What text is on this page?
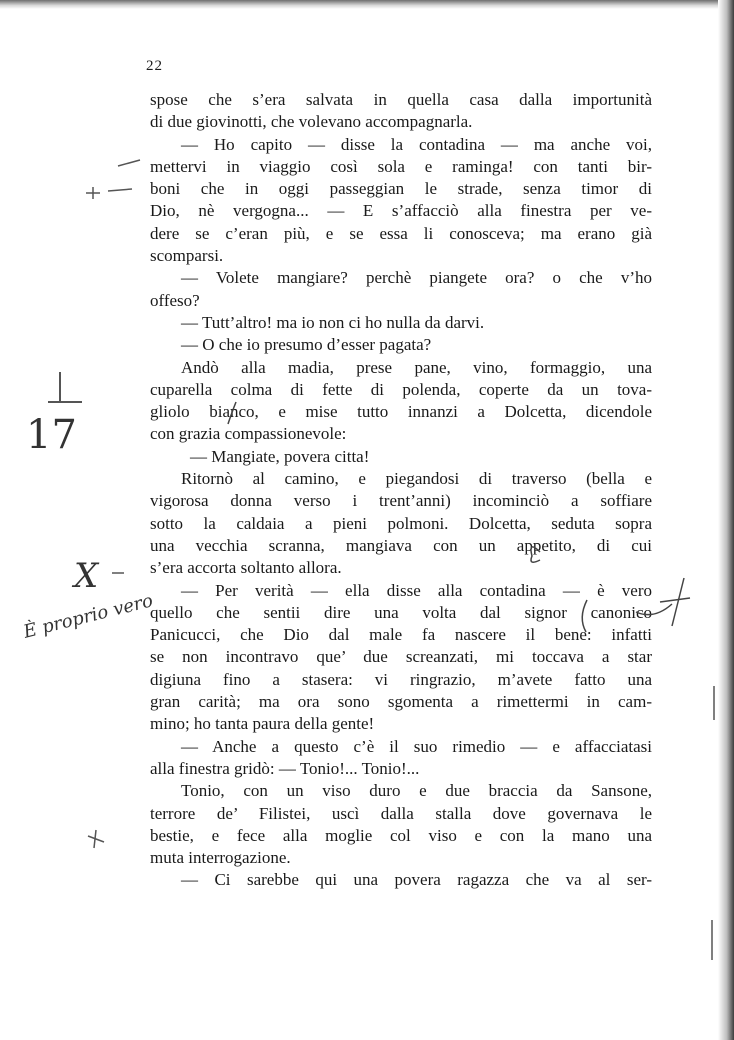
22
spose che s’era salvata in quella casa dalla importunità
di due giovinotti, che volevano accompagnarla.
— Ho capito — disse la contadina — ma anche voi,
mettervi in viaggio così sola e raminga! con tanti bir-
boni che in oggi passeggian le strade, senza timor di
Dio, nè vergogna... — E s’affacciò alla finestra per ve-
dere se c’eran più, e se essa li conosceva; ma erano già
scomparsi.
— Volete mangiare? perchè piangete ora? o che v’ho
offeso?
— Tutt’altro! ma io non ci ho nulla da darvi.
— O che io presumo d’esser pagata?
Andò alla madia, prese pane, vino, formaggio, una
cuparella colma di fette di polenda, coperte da un tova-
gliolo bianco, e mise tutto innanzi a Dolcetta, dicendole
con grazia compassionevole:
— Mangiate, povera citta!
Ritornò al camino, e piegandosi di traverso (bella e
vigorosa donna verso i trent’anni) incominciò a soffiare
sotto la caldaia a pieni polmoni. Dolcetta, seduta sopra
una vecchia scranna, mangiava con un appetito, di cui
s’era accorta soltanto allora.
— Per verità — ella disse alla contadina — è vero
quello che sentii dire una volta dal signor canonico
Panicucci, che Dio dal male fa nascere il bene: infatti
se non incontravo que’ due screanzati, mi toccava a star
digiuna fino a stasera: vi ringrazio, m’avete fatto una
gran carità; ma ora sono sgomenta a rimettermi in cam-
mino; ho tanta paura della gente!
— Anche a questo c’è il suo rimedio — e affacciatasi
alla finestra gridò: — Tonio!... Tonio!...
Tonio, con un viso duro e due braccia da Sansone,
terrore de’ Filistei, uscì dalla stalla dove governava le
bestie, e fece alla moglie col viso e con la mano una
muta interrogazione.
— Ci sarebbe qui una povera ragazza che va al ser-
17
X
È proprio vero
